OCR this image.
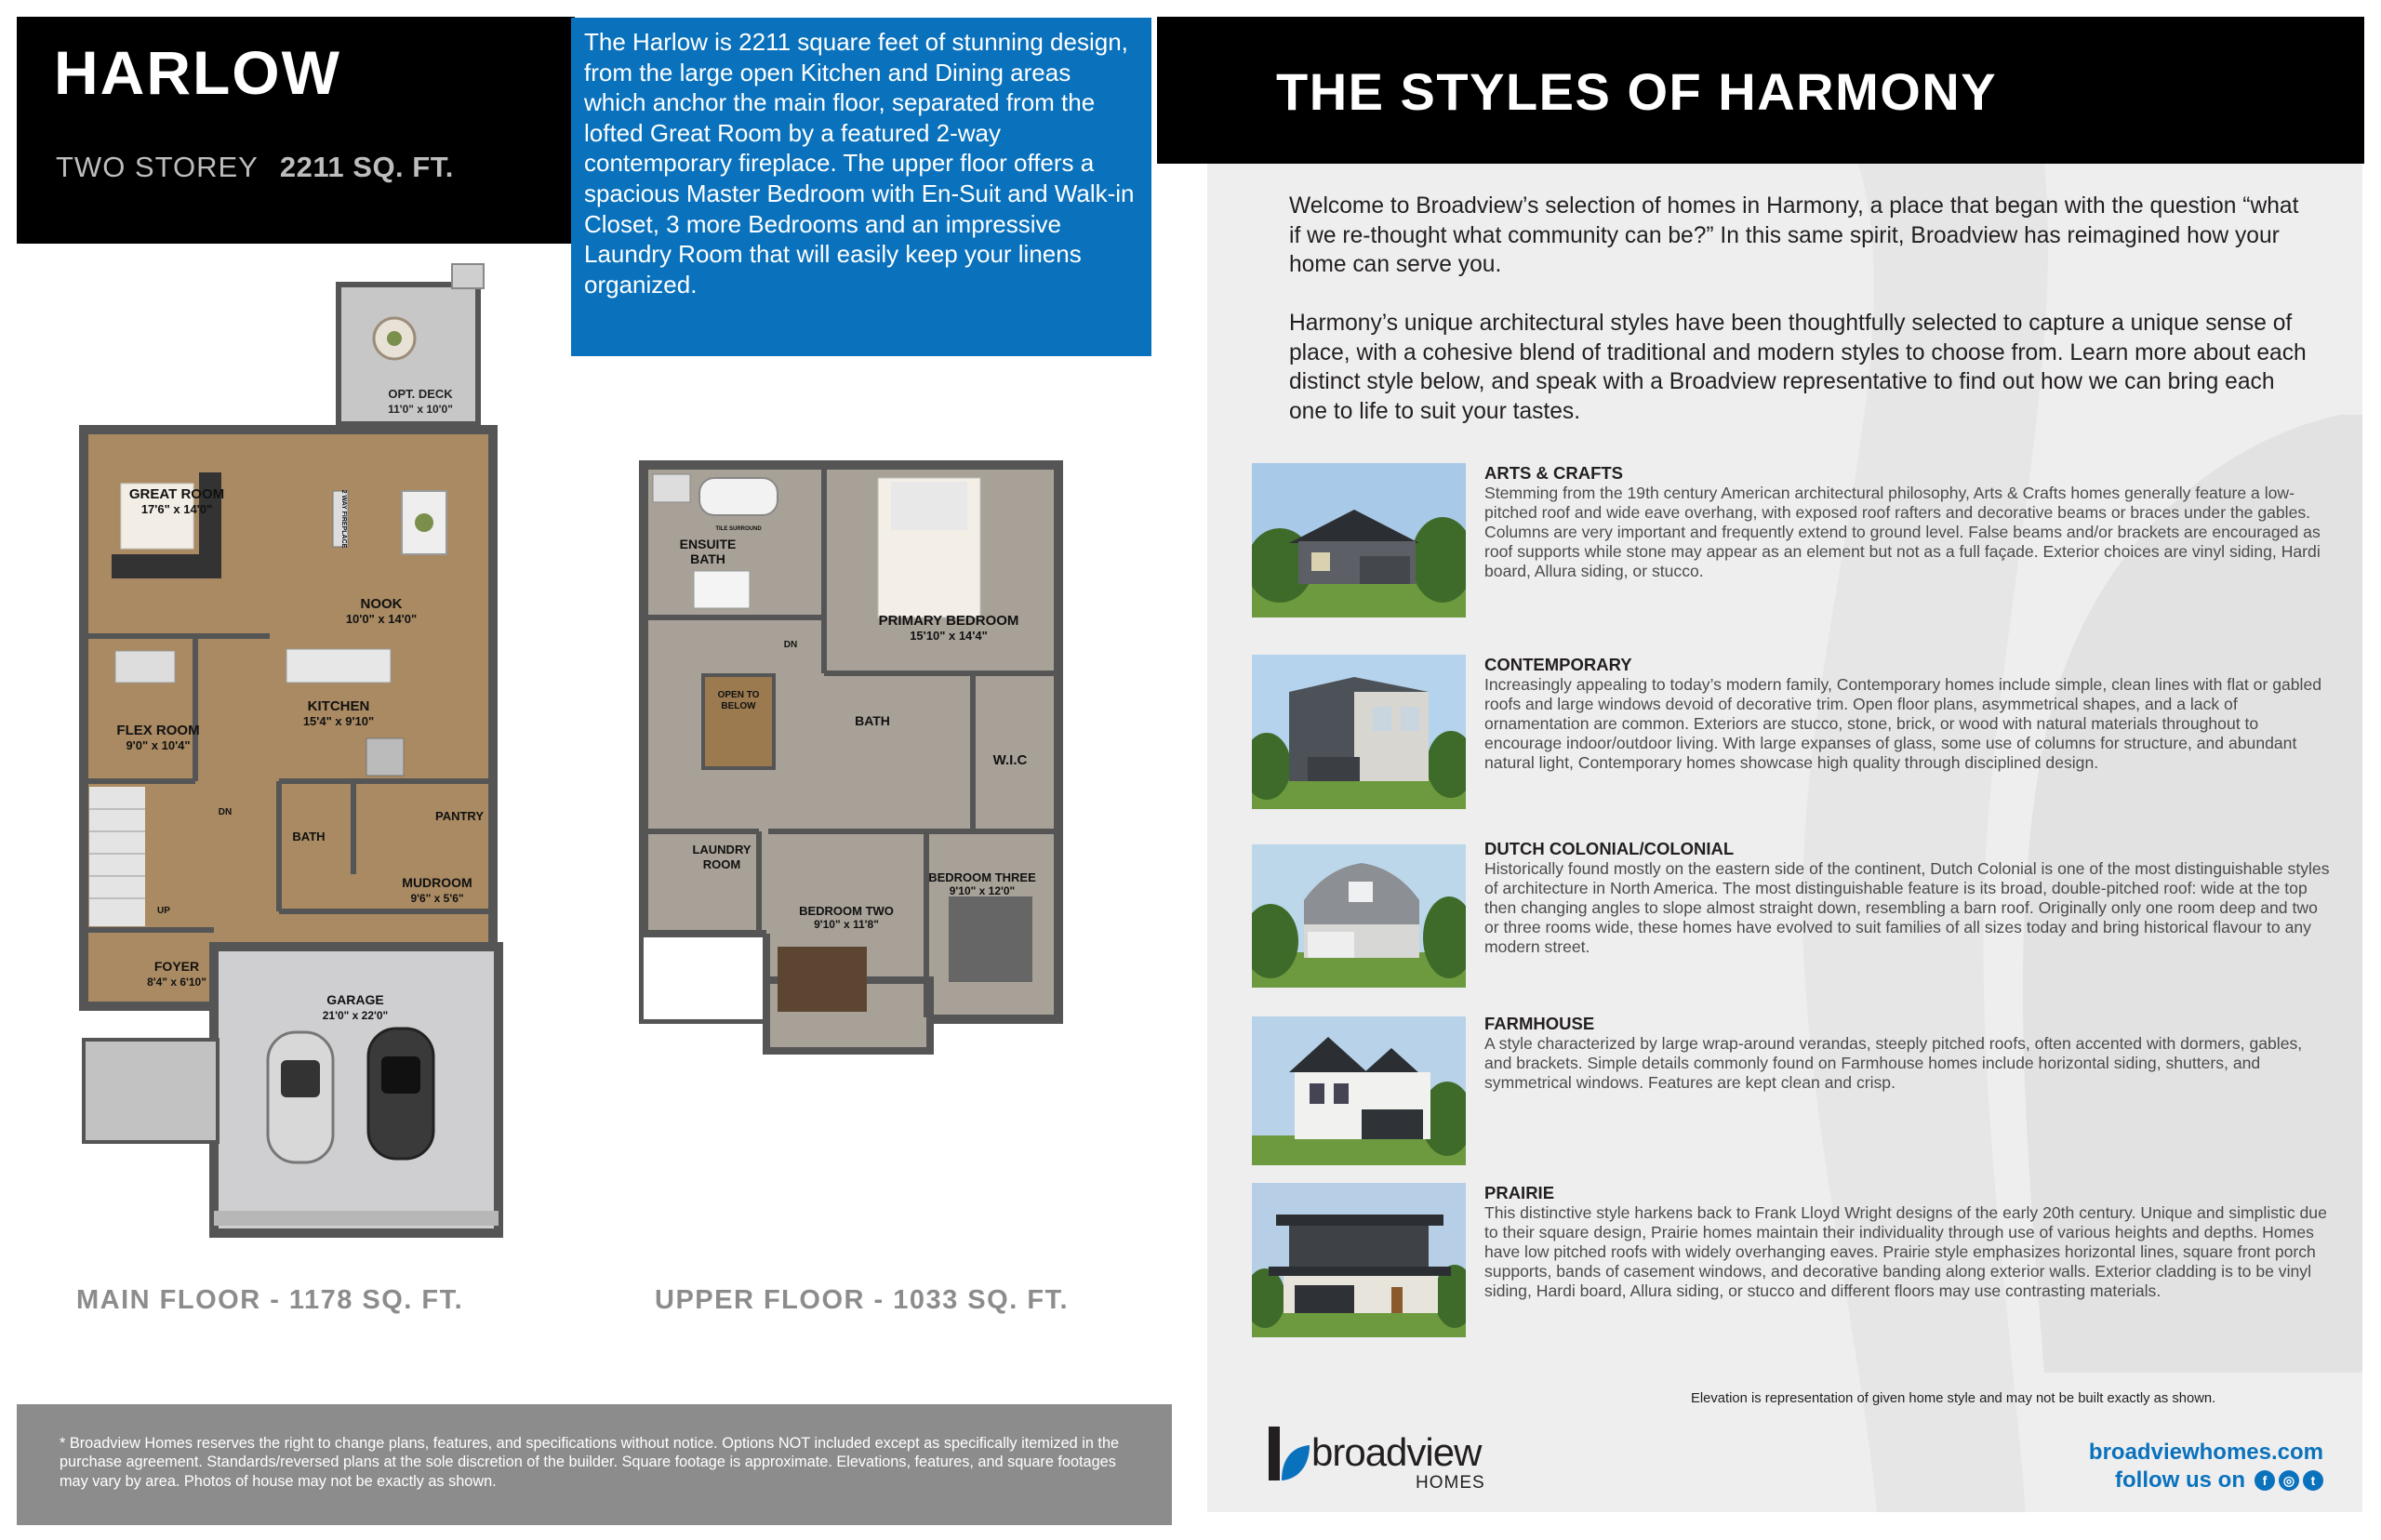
HARLOW
TWO STOREY 2211 SQ. FT.

The Harlow is 2211 square feet of stunning design, from the large open Kitchen and Dining areas which anchor the main floor, separated from the lofted Great Room by a featured 2-way contemporary fireplace. The upper floor offers a spacious Master Bedroom with En-Suit and Walk-in Closet, 3 more Bedrooms and an impressive Laundry Room that will easily keep your linens organized.

OPT. DECK
11'0" x 10'0"
GREAT ROOM
17'6" x 14'0"	2 WAY FIREPLACE
NOOK
10'0" x 14'0"
FLEX ROOM
9'0" x 10'4"
KITCHEN
15'4" x 9'10"
PANTRY
BATH
DN
UP
MUDROOM
9'6" x 5'6"
FOYER
8'4" x 6'10"
GARAGE
21'0" x 22'0"
TILE SURROUND
ENSUITE
BATH
PRIMARY BEDROOM
15'10" x 14'4"
DN
OPEN TO
BELOW
BATH
W.I.C
LAUNDRY
ROOM
BEDROOM THREE
9'10" x 12'0"
BEDROOM TWO
9'10" x 11'8"
MAIN FLOOR - 1178 SQ. FT.	UPPER FLOOR - 1033 SQ. FT.

* Broadview Homes reserves the right to change plans, features, and specifications without notice. Options NOT included except as specifically itemized in the purchase agreement. Standards/reversed plans at the sole discretion of the builder. Square footage is approximate. Elevations, features, and square footages may vary by area. Photos of house may not be exactly as shown.

THE STYLES OF HARMONY
Welcome to Broadview’s selection of homes in Harmony, a place that began with the question “what if we re-thought what community can be?” In this same spirit, Broadview has reimagined how your home can serve you.
Harmony’s unique architectural styles have been thoughtfully selected to capture a unique sense of place, with a cohesive blend of traditional and modern styles to choose from. Learn more about each distinct style below, and speak with a Broadview representative to find out how we can bring each one to life to suit your tastes.
ARTS & CRAFTS
Stemming from the 19th century American architectural philosophy, Arts & Crafts homes generally feature a low-pitched roof and wide eave overhang, with exposed roof rafters and decorative beams or braces under the gables. Columns are very important and frequently extend to ground level. False beams and/or brackets are encouraged as roof supports while stone may appear as an element but not as a full façade. Exterior choices are vinyl siding, Hardi board, Allura siding, or stucco.
CONTEMPORARY
Increasingly appealing to today’s modern family, Contemporary homes include simple, clean lines with flat or gabled roofs and large windows devoid of decorative trim. Open floor plans, asymmetrical shapes, and a lack of ornamentation are common. Exteriors are stucco, stone, brick, or wood with natural materials throughout to encourage indoor/outdoor living. With large expanses of glass, some use of columns for structure, and abundant natural light, Contemporary homes showcase high quality through disciplined design.
DUTCH COLONIAL/COLONIAL
Historically found mostly on the eastern side of the continent, Dutch Colonial is one of the most distinguishable styles of architecture in North America. The most distinguishable feature is its broad, double-pitched roof: wide at the top then changing angles to slope almost straight down, resembling a barn roof. Originally only one room deep and two or three rooms wide, these homes have evolved to suit families of all sizes today and bring historical flavour to any modern street.
FARMHOUSE
A style characterized by large wrap-around verandas, steeply pitched roofs, often accented with dormers, gables, and brackets. Simple details commonly found on Farmhouse homes include horizontal siding, shutters, and symmetrical windows. Features are kept clean and crisp.
PRAIRIE
This distinctive style harkens back to Frank Lloyd Wright designs of the early 20th century. Unique and simplistic due to their square design, Prairie homes maintain their individuality through use of various heights and depths. Homes have low pitched roofs with widely overhanging eaves. Prairie style emphasizes horizontal lines, square front porch supports, bands of casement windows, and decorative banding along exterior walls. Exterior cladding is to be vinyl siding, Hardi board, Allura siding, or stucco and different floors may use contrasting materials.
Elevation is representation of given home style and may not be built exactly as shown.
broadview
HOMES
broadviewhomes.com
follow us on	f	◎	t
